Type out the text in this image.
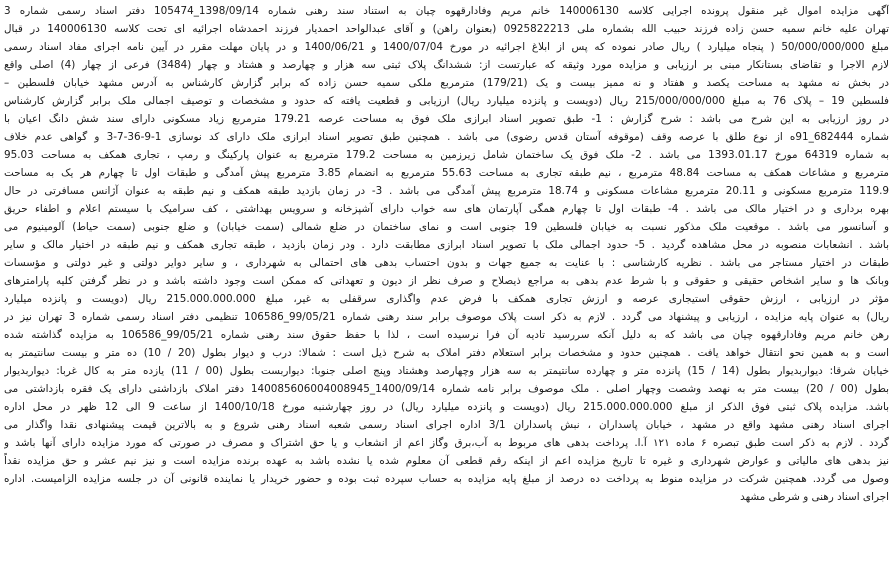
آگهی مزایده اموال غیر منقول پرونده اجرایی کلاسه 140006130 خانم مریم وفادارقهوه چیان به استناد سند رهنی شماره 1398/09/14_105474 دفتر اسناد رسمی شماره 3
تهران علیه خانم سمیه حسن زاده فرزند حبیب الله بشماره ملی 0925822213 (بعنوان راهن) و آقای عبدالواحد احمدیار فرزند احمدشاه اجرائیه ای تحت کلاسه 140006130 در قبال
مبلغ 50/000/000/000 ( پنجاه میلیارد ) ریال صادر نموده که پس از ابلاغ اجرائیه در مورخ 1400/07/04 و 1400/06/21 و در پایان مهلت مقرر در آیین نامه اجرای مفاد اسناد رسمی
لازم الاجرا و تقاضای بستانکار مبنی بر ارزیابی و مزایده مورد وثیقه که عبارتست از: ششدانگ پلاک ثبتی سه هزار و چهارصد و هشتاد و چهار (3484) فرعی از چهار (4) اصلی واقع
در بخش نه مشهد به مساحت یکصد و هفتاد و نه ممیز بیست و یک (179/21) مترمربع ملکی سمیه حسن زاده که برابر گزارش کارشناس به آدرس مشهد خیابان فلسطین –
فلسطین 19 – پلاک 76 به مبلغ 215/000/000/000 ریال (دویست و پانزده میلیارد ریال) ارزیابی و قطعیت یافته که حدود و مشخصات و توصیف اجمالی ملک برابر گزارش کارشناس
در روز ارزیابی به این شرح می باشد : شرح گزارش : 1- طبق تصویر اسناد ابرازی ملک فوق به مساحت عرصه 179.21 مترمربع زیاد مسکونی دارای سند شش دانگ اعیان با
شماره 682444_91ه از نوع طلق با عرصه وقف (موقوفه آستان قدس رضوی) می باشد . همچنین طبق تصویر اسناد ابرازی ملک دارای کد نوسازی 1-9-36-7-3 و گواهی عدم خلاف
به شماره 64319 مورخ 1393.01.17 می باشد . 2- ملک فوق یک ساختمان شامل زیرزمین به مساحت 179.2 مترمربع به عنوان پارکینگ و رمپ ، تجاری همکف به مساحت 95.03
مترمربع و مشاعات همکف به مساحت 48.84 مترمربع ، نیم طبقه تجاری به مساحت 55.63 مترمربع به انضمام 3.85 مترمربع پیش آمدگی و طبقات اول تا چهارم هر یک به مساحت
119.9 مترمربع مسکونی و 20.11 مترمربع مشاعات مسکونی و 18.74 مترمربع پیش آمدگی می باشد . 3- در زمان بازدید طبقه همکف و نیم طبقه به عنوان آژانس مسافرتی در حال
بهره برداری و در اختیار مالک می باشد . 4- طبقات اول تا چهارم همگی آپارتمان های سه خواب دارای آشپزخانه و سرویس بهداشتی ، کف سرامیک با سیستم اعلام و اطفاء حریق
و آسانسور می باشد . موقعیت ملک مذکور نسبت به خیابان فلسطین 19 جنوبی است و نمای ساختمان در ضلع شمالی (سمت خیابان) و ضلع جنوبی (سمت حیاط) آلومینیوم می
باشد . انشعابات منصوبه در محل مشاهده گردید . 5- حدود اجمالی ملک با تصویر اسناد ابرازی مطابقت دارد . ودر زمان بازدید ، طبقه تجاری همکف و نیم طبقه در اختیار مالک و سایر
طبقات در اختیار مستاجر می باشد . نظریه کارشناسی : با عنایت به جمیع جهات و بدون احتساب بدهی های احتمالی به شهرداری ، و سایر دوایر دولتی و غیر دولتی و مؤسسات
وبانک ها و سایر اشخاص حقیقی و حقوقی و با شرط عدم بدهی به مراجع ذیصلاح و صرف نظر از دیون و تعهداتی که ممکن است وجود داشته باشد و در نظر گرفتن کلیه پارامترهای
مؤثر در ارزیابی ، ارزش حقوقی استیجاری عرصه و ارزش تجاری همکف با فرض عدم واگذاری سرقفلی به غیر، مبلغ 215.000.000.000 ریال (دویست و پانزده میلیارد
ریال) به عنوان پایه مزایده ، ارزیابی و پیشنهاد می گردد . لازم به ذکر است پلاک موصوف برابر سند رهنی شماره 99/05/21_106586 تنظیمی دفتر اسناد رسمی شماره 3 تهران نیز در
رهن خانم مریم وفادارقهوه چیان می باشد که به دلیل آنکه سررسید تادیه آن فرا نرسیده است ، لذا با حفظ حقوق سند رهنی شماره 99/05/21_106586 به مزایده گذاشته شده
است و به همین نحو انتقال خواهد یافت . همچنین حدود و مشخصات برابر استعلام دفتر املاک به شرح ذیل است : شمالا: درب و دیوار بطول (20 / 10) ده متر و بیست سانتیمتر به
خیابان شرقا: دیواربدیوار بطول (14 / 15) پانزده متر و چهارده سانتیمتر به سه هزار وچهارصد وهشتاد وپنج اصلی جنوبا: دیواربست بطول (00 / 11) یازده متر به کال غربا: دیواربدیوار
بطول (00 / 20) بیست متر به نهصد وشصت وچهار اصلی . ملک موصوف برابر نامه شماره 1400/09/14_140085606004008945 دفتر املاک بازداشتی دارای یک فقره بازداشتی می
باشد. مزایده پلاک ثبتی فوق الذکر از مبلغ 215.000.000.000 ریال (دویست و پانزده میلیارد ریال) در روز چهارشنبه مورخ 1400/10/18 از ساعت 9 الی 12 ظهر در محل اداره
اجرای اسناد رهنی مشهد واقع در مشهد ، خیابان پاسداران ، نبش پاسداران 3/1 اداره اجرای اسناد رسمی شعبه اسناد رهنی شروع و به بالاترین قیمت پیشنهادی نقدا واگذار می
گردد . لازم به ذکر است طبق تبصره ۶ ماده ۱۲۱ آ.ا. پرداخت بدهی های مربوط به آب،برق وگاز اعم از انشعاب و یا حق اشتراک و مصرف در صورتی که مورد مزایده دارای آنها باشد و
نیز بدهی های مالیاتی و عوارض شهرداری و غیره تا تاریخ مزایده اعم از اینکه رقم قطعی آن معلوم شده یا نشده باشد به عهده برنده مزایده است و نیز نیم عشر و حق مزایده نقداً
وصول می گردد. همچنین شرکت در مزایده منوط به پرداخت ده درصد از مبلغ پایه مزایده به حساب سپرده ثبت بوده و حضور خریدار یا نماینده قانونی آن در جلسه مزایده الزامیست. اداره
اجرای اسناد رهنی و شرطی مشهد
